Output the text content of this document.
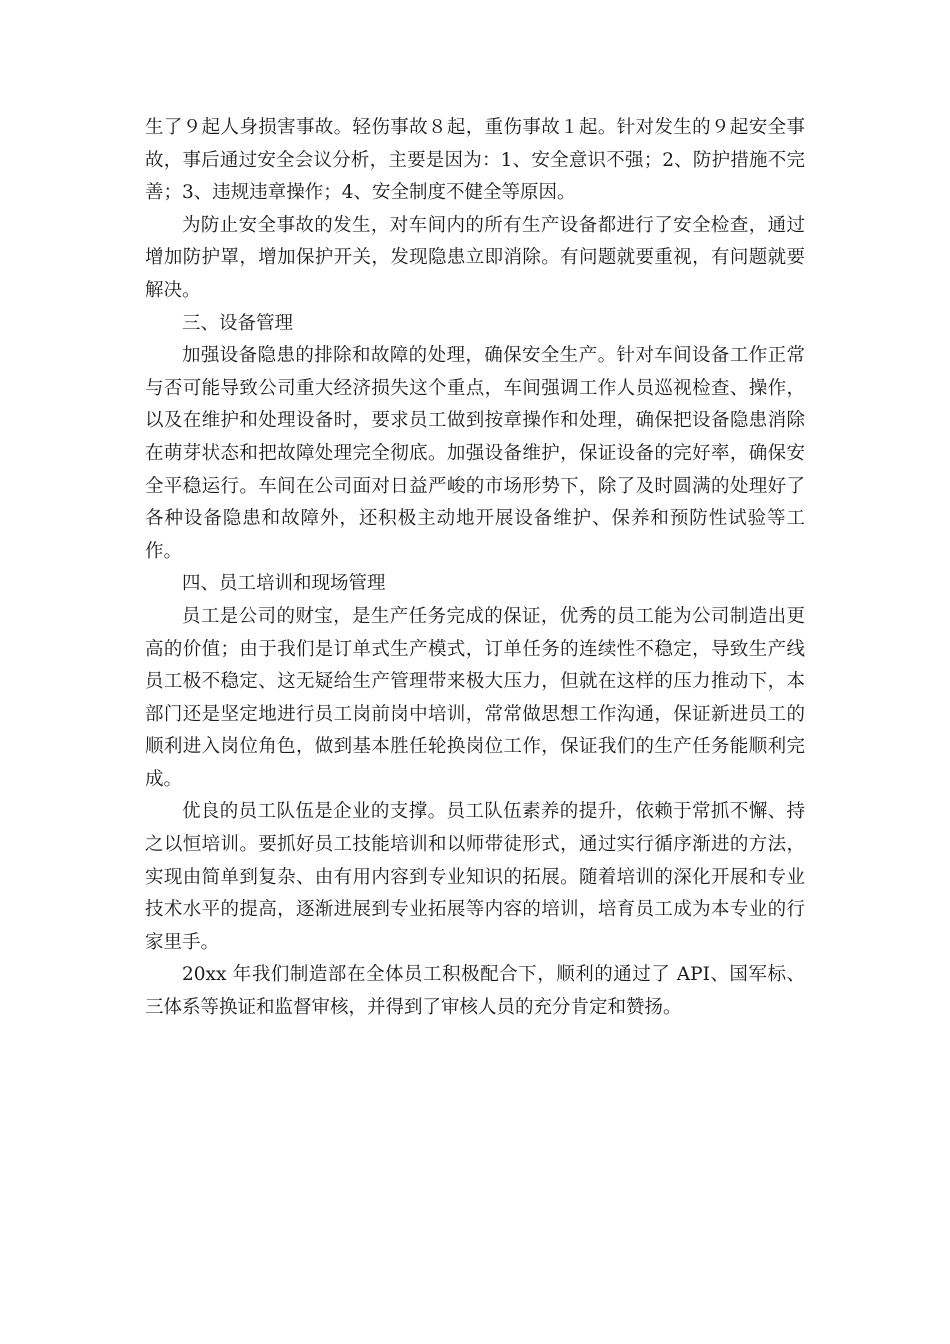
生了９起人身损害事故。轻伤事故８起，重伤事故１起。针对发生的９起安全事故，事后通过安全会议分析，主要是因为：1、安全意识不强；2、防护措施不完善；3、违规违章操作；4、安全制度不健全等原因。

为防止安全事故的发生，对车间内的所有生产设备都进行了安全检查，通过增加防护罩，增加保护开关，发现隐患立即消除。有问题就要重视，有问题就要解决。

三、设备管理

加强设备隐患的排除和故障的处理，确保安全生产。针对车间设备工作正常与否可能导致公司重大经济损失这个重点，车间强调工作人员巡视检查、操作，以及在维护和处理设备时，要求员工做到按章操作和处理，确保把设备隐患消除在萌芽状态和把故障处理完全彻底。加强设备维护，保证设备的完好率，确保安全平稳运行。车间在公司面对日益严峻的市场形势下，除了及时圆满的处理好了各种设备隐患和故障外，还积极主动地开展设备维护、保养和预防性试验等工作。

四、员工培训和现场管理

员工是公司的财宝，是生产任务完成的保证，优秀的员工能为公司制造出更高的价值；由于我们是订单式生产模式，订单任务的连续性不稳定，导致生产线员工极不稳定、这无疑给生产管理带来极大压力，但就在这样的压力推动下，本部门还是坚定地进行员工岗前岗中培训，常常做思想工作沟通，保证新进员工的顺利进入岗位角色，做到基本胜任轮换岗位工作，保证我们的生产任务能顺利完成。

优良的员工队伍是企业的支撑。员工队伍素养的提升，依赖于常抓不懈、持之以恒培训。要抓好员工技能培训和以师带徒形式，通过实行循序渐进的方法，实现由简单到复杂、由有用内容到专业知识的拓展。随着培训的深化开展和专业技术水平的提高，逐渐进展到专业拓展等内容的培训，培育员工成为本专业的行家里手。

20xx 年我们制造部在全体员工积极配合下，顺利的通过了 API、国军标、三体系等换证和监督审核，并得到了审核人员的充分肯定和赞扬。
